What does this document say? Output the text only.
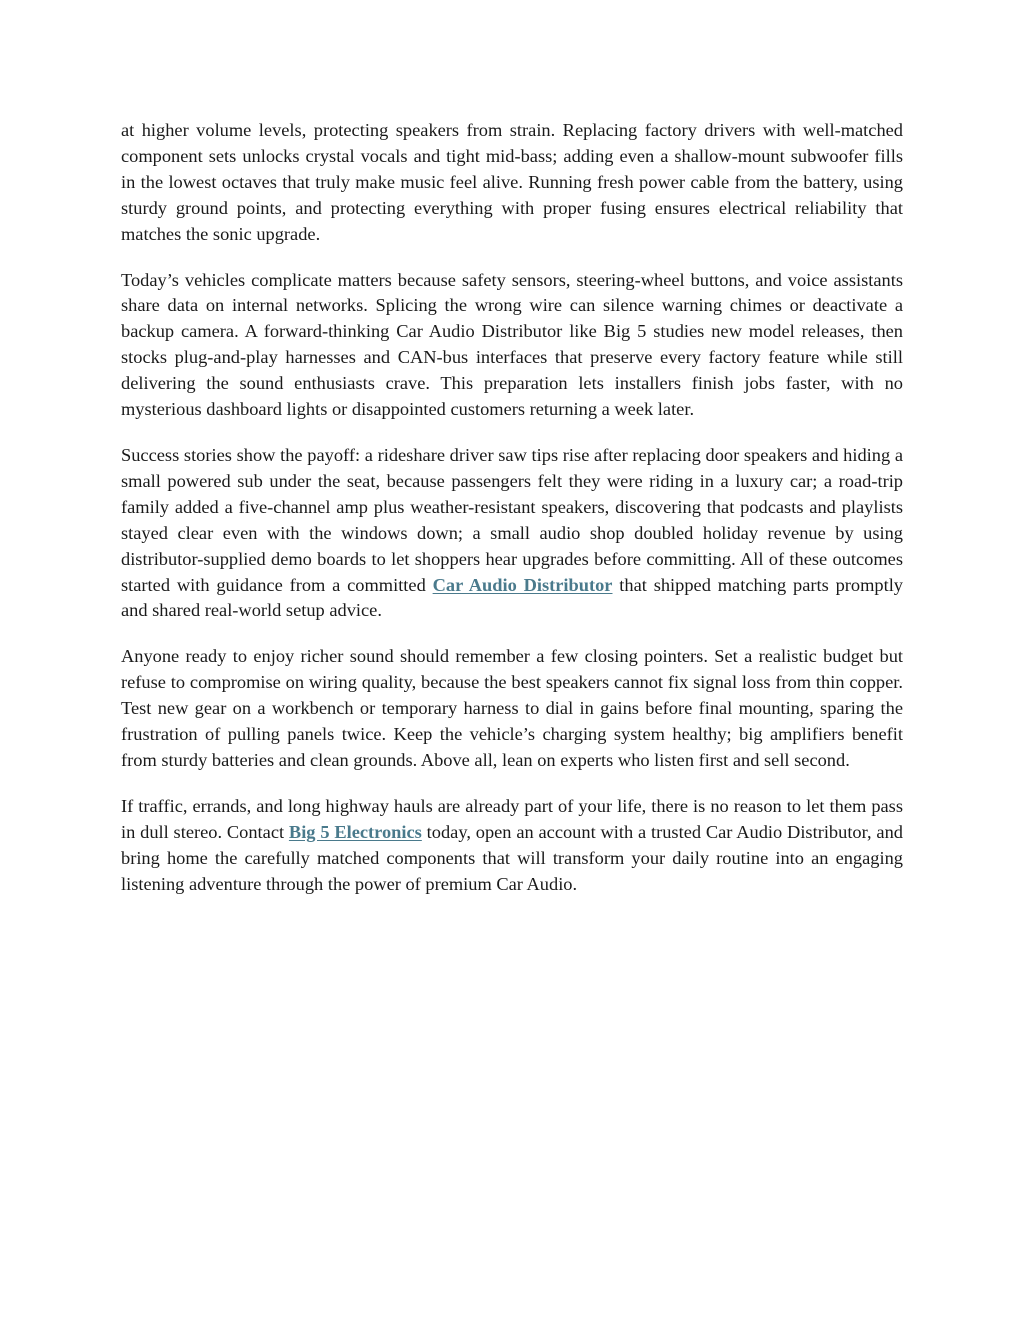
at higher volume levels, protecting speakers from strain. Replacing factory drivers with well-matched component sets unlocks crystal vocals and tight mid-bass; adding even a shallow-mount subwoofer fills in the lowest octaves that truly make music feel alive. Running fresh power cable from the battery, using sturdy ground points, and protecting everything with proper fusing ensures electrical reliability that matches the sonic upgrade.

Today’s vehicles complicate matters because safety sensors, steering-wheel buttons, and voice assistants share data on internal networks. Splicing the wrong wire can silence warning chimes or deactivate a backup camera. A forward-thinking Car Audio Distributor like Big 5 studies new model releases, then stocks plug-and-play harnesses and CAN-bus interfaces that preserve every factory feature while still delivering the sound enthusiasts crave. This preparation lets installers finish jobs faster, with no mysterious dashboard lights or disappointed customers returning a week later.

Success stories show the payoff: a rideshare driver saw tips rise after replacing door speakers and hiding a small powered sub under the seat, because passengers felt they were riding in a luxury car; a road-trip family added a five-channel amp plus weather-resistant speakers, discovering that podcasts and playlists stayed clear even with the windows down; a small audio shop doubled holiday revenue by using distributor-supplied demo boards to let shoppers hear upgrades before committing. All of these outcomes started with guidance from a committed Car Audio Distributor that shipped matching parts promptly and shared real-world setup advice.

Anyone ready to enjoy richer sound should remember a few closing pointers. Set a realistic budget but refuse to compromise on wiring quality, because the best speakers cannot fix signal loss from thin copper. Test new gear on a workbench or temporary harness to dial in gains before final mounting, sparing the frustration of pulling panels twice. Keep the vehicle’s charging system healthy; big amplifiers benefit from sturdy batteries and clean grounds. Above all, lean on experts who listen first and sell second.

If traffic, errands, and long highway hauls are already part of your life, there is no reason to let them pass in dull stereo. Contact Big 5 Electronics today, open an account with a trusted Car Audio Distributor, and bring home the carefully matched components that will transform your daily routine into an engaging listening adventure through the power of premium Car Audio.
